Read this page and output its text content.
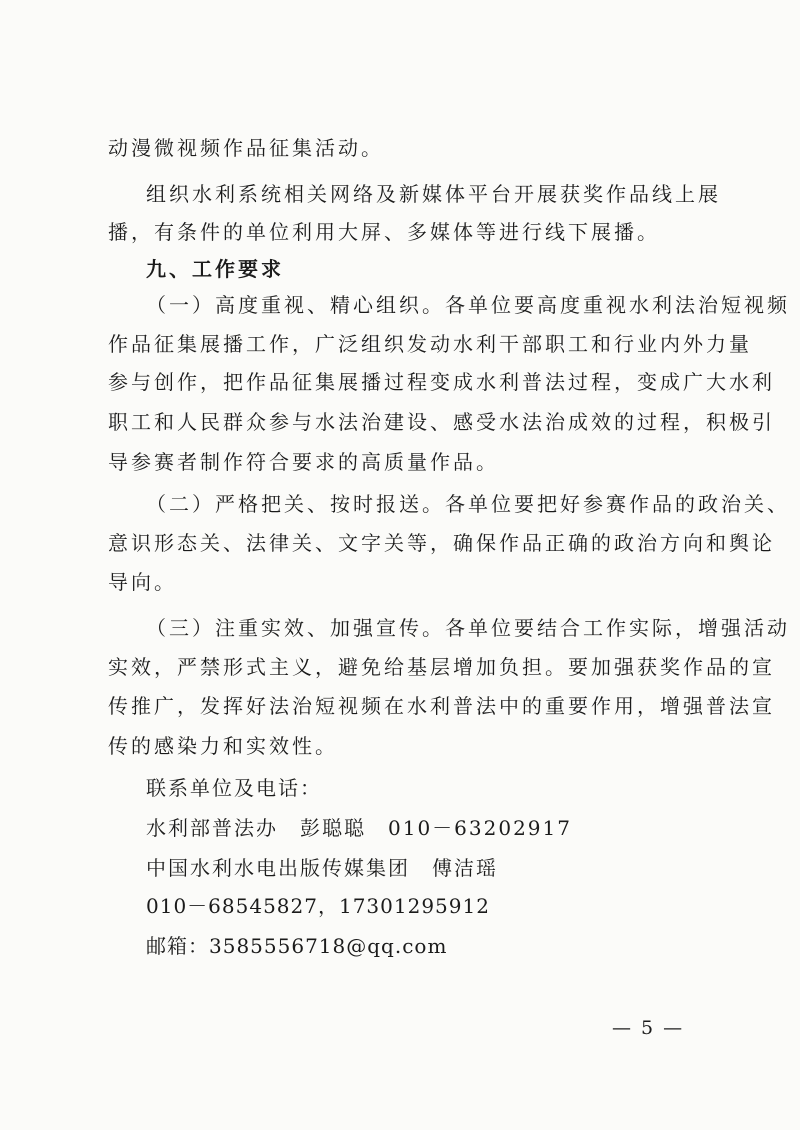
动漫微视频作品征集活动。
组织水利系统相关网络及新媒体平台开展获奖作品线上展
播，有条件的单位利用大屏、多媒体等进行线下展播。
九、工作要求
（一）高度重视、精心组织。各单位要高度重视水利法治短视频
作品征集展播工作，广泛组织发动水利干部职工和行业内外力量
参与创作，把作品征集展播过程变成水利普法过程，变成广大水利
职工和人民群众参与水法治建设、感受水法治成效的过程，积极引
导参赛者制作符合要求的高质量作品。
（二）严格把关、按时报送。各单位要把好参赛作品的政治关、
意识形态关、法律关、文字关等，确保作品正确的政治方向和舆论
导向。
（三）注重实效、加强宣传。各单位要结合工作实际，增强活动
实效，严禁形式主义，避免给基层增加负担。要加强获奖作品的宣
传推广，发挥好法治短视频在水利普法中的重要作用，增强普法宣
传的感染力和实效性。
联系单位及电话：
水利部普法办　彭聪聪　010－63202917
中国水利水电出版传媒集团　傅洁瑶
010－68545827，17301295912
邮箱：3585556718@qq.com
— 5 —
